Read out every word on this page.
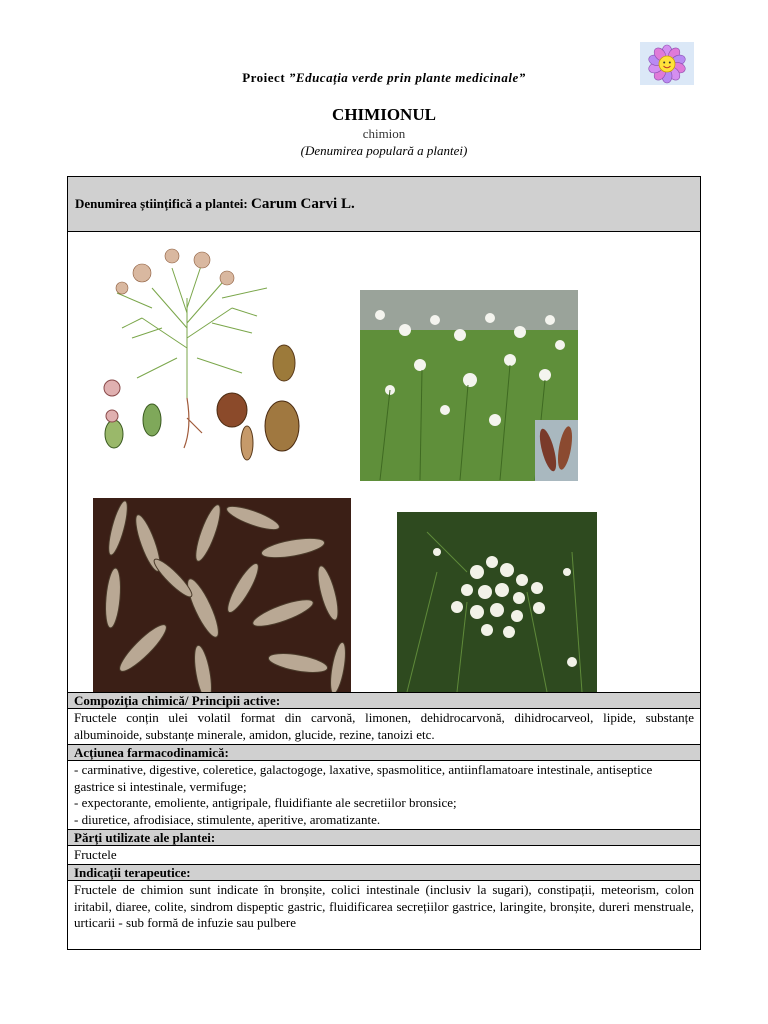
Proiect ”Educația verde prin plante medicinale”
CHIMIONUL
chimion
(Denumirea populară a plantei)
Denumirea științifică a plantei: Carum Carvi L.
Compoziția chimică/ Principii active:
Fructele conțin ulei volatil format din carvonă, limonen, dehidrocarvonă, dihidrocarveol, lipide, substanțe albuminoide, substanțe minerale, amidon, glucide, rezine, tanoizi etc.
Acțiunea farmacodinamică:
- carminative, digestive, coleretice, galactogoge, laxative, spasmolitice, antiinflamatoare intestinale, antiseptice gastrice si intestinale, vermifuge;
- expectorante, emoliente, antigripale, fluidifiante ale secretiilor bronsice;
- diuretice, afrodisiace, stimulente, aperitive, aromatizante.
Părți utilizate ale plantei:
Fructele
Indicații terapeutice:
Fructele de chimion sunt indicate în bronșite, colici intestinale (inclusiv la sugari), constipații, meteorism, colon iritabil, diaree, colite, sindrom dispeptic gastric, fluidificarea secrețiilor gastrice, laringite, bronșite, dureri menstruale, urticarii - sub formă de infuzie sau pulbere
